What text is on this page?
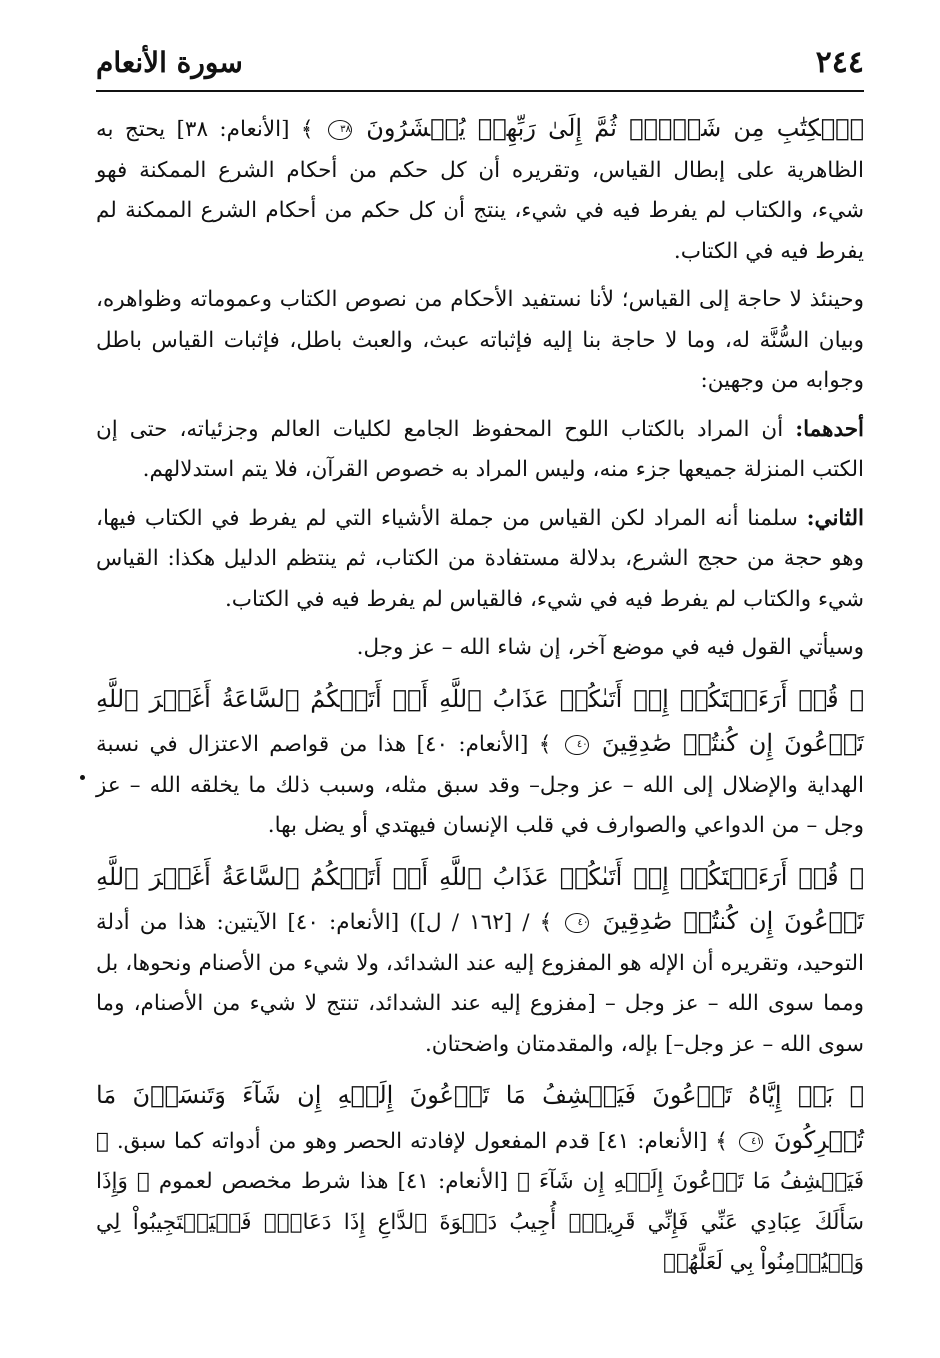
٢٤٤
سورة الأنعام

ٱلۡكِتَٰبِ مِن شَيۡءٖۚ ثُمَّ إِلَىٰ رَبِّهِمۡ يُحۡشَرُونَ ٣٨ ﴾ [الأنعام: ٣٨] يحتج به الظاهرية على إبطال القياس، وتقريره أن كل حكم من أحكام الشرع الممكنة فهو شيء، والكتاب لم يفرط فيه في شيء، ينتج أن كل حكم من أحكام الشرع الممكنة لم يفرط فيه في الكتاب.

وحينئذ لا حاجة إلى القياس؛ لأنا نستفيد الأحكام من نصوص الكتاب وعموماته وظواهره، وبيان السُّنَّة له، وما لا حاجة بنا إليه فإثباته عبث، والعبث باطل، فإثبات القياس باطل وجوابه من وجهين:

أحدهما: أن المراد بالكتاب اللوح المحفوظ الجامع لكليات العالم وجزئياته، حتى إن الكتب المنزلة جميعها جزء منه، وليس المراد به خصوص القرآن، فلا يتم استدلالهم.

الثاني: سلمنا أنه المراد لكن القياس من جملة الأشياء التي لم يفرط في الكتاب فيها، وهو حجة من حجج الشرع، بدلالة مستفادة من الكتاب، ثم ينتظم الدليل هكذا: القياس شيء والكتاب لم يفرط فيه في شيء، فالقياس لم يفرط فيه في الكتاب.

وسيأتي القول فيه في موضع آخر، إن شاء الله – عز وجل.

﴿ قُلۡ أَرَءَيۡتَكُمۡ إِنۡ أَتَىٰكُمۡ عَذَابُ ٱللَّهِ أَوۡ أَتَتۡكُمُ ٱلسَّاعَةُ أَغَيۡرَ ٱللَّهِ تَدۡعُونَ إِن كُنتُمۡ صَٰدِقِينَ ٤٠ ﴾ [الأنعام: ٤٠] هذا من قواصم الاعتزال في نسبة الهداية والإضلال إلى الله – عز وجل– وقد سبق مثله، وسبب ذلك ما يخلقه الله – عز وجل – من الدواعي والصوارف في قلب الإنسان فيهتدي أو يضل بها.

﴿ قُلۡ أَرَءَيۡتَكُمۡ إِنۡ أَتَىٰكُمۡ عَذَابُ ٱللَّهِ أَوۡ أَتَتۡكُمُ ٱلسَّاعَةُ أَغَيۡرَ ٱللَّهِ تَدۡعُونَ إِن كُنتُمۡ صَٰدِقِينَ ٤٠ ﴾ / [١٦٢ / ل]) [الأنعام: ٤٠] الآيتين: هذا من أدلة التوحيد، وتقريره أن الإله هو المفزوع إليه عند الشدائد، ولا شيء من الأصنام ونحوها، بل ومما سوى الله – عز وجل – [مفزوع إليه عند الشدائد، تنتج لا شيء من الأصنام، وما سوى الله – عز وجل–] بإله، والمقدمتان واضحتان.

﴿ بَلۡ إِيَّاهُ تَدۡعُونَ فَيَكۡشِفُ مَا تَدۡعُونَ إِلَيۡهِ إِن شَآءَ وَتَنسَوۡنَ مَا تُشۡرِكُونَ ٤١ ﴾ [الأنعام: ٤١] قدم المفعول لإفادته الحصر وهو من أدواته كما سبق. ﴿ فَيَكۡشِفُ مَا تَدۡعُونَ إِلَيۡهِ إِن شَآءَ ﴾ [الأنعام: ٤١] هذا شرط مخصص لعموم ﴿ وَإِذَا سَأَلَكَ عِبَادِي عَنِّي فَإِنِّي قَرِيبٌۖ أُجِيبُ دَعۡوَةَ ٱلدَّاعِ إِذَا دَعَانِۖ فَلۡيَسۡتَجِيبُواْ لِي وَلۡيُؤۡمِنُواْ بِي لَعَلَّهُمۡ
